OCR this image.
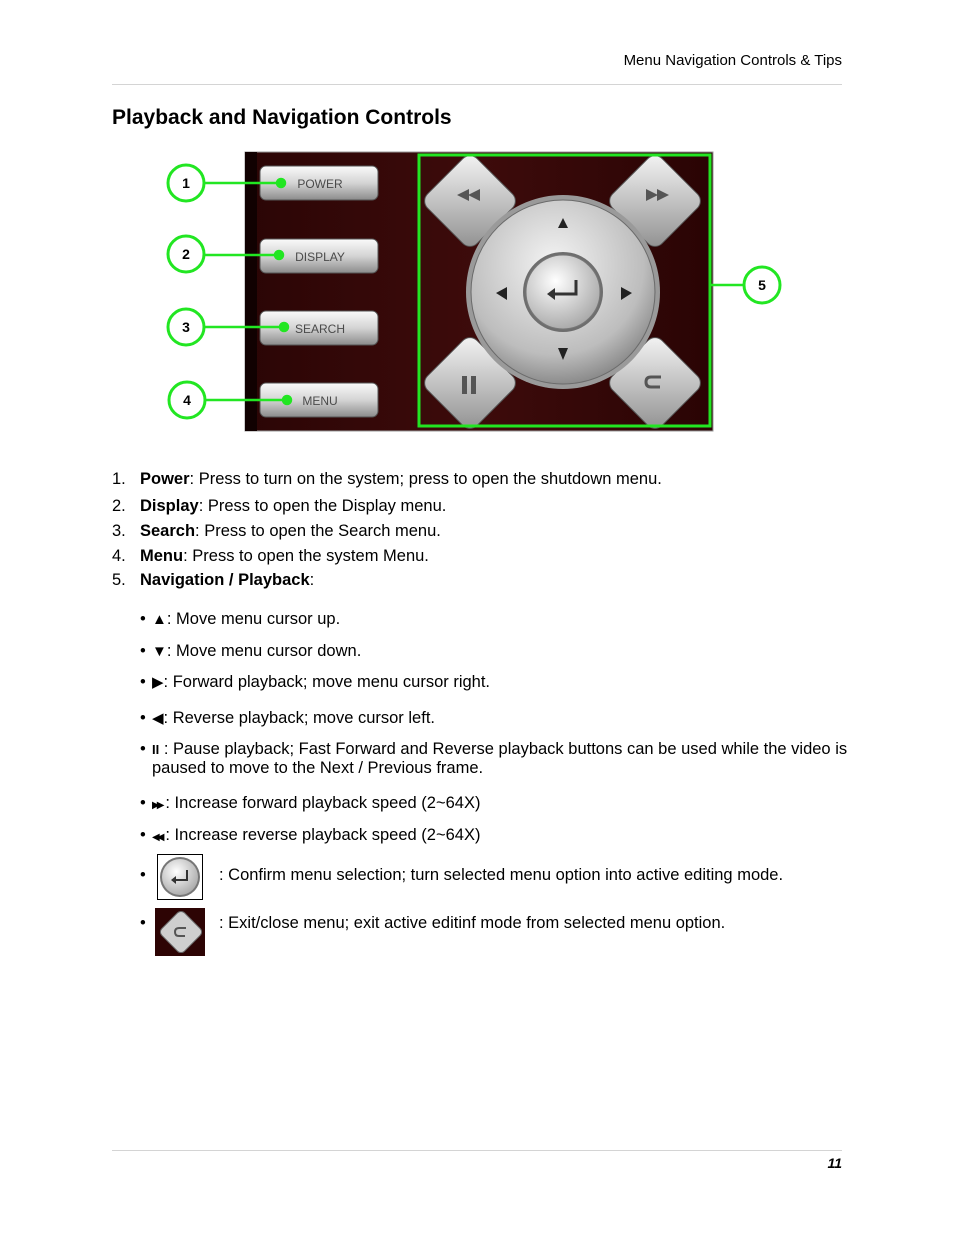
Menu Navigation Controls & Tips
Playback and Navigation Controls
POWER
DISPLAY
SEARCH
MENU
1
2
3
4
5
1. Power: Press to turn on the system; press to open the shutdown menu.
2. Display: Press to open the Display menu.
3. Search: Press to open the Search menu.
4. Menu: Press to open the system Menu.
5. Navigation / Playback:
• ▲: Move menu cursor up.
• ▼: Move menu cursor down.
• ▶: Forward playback; move menu cursor right.
• ◀: Reverse playback; move cursor left.
• II : Pause playback; Fast Forward and Reverse playback buttons can be used while the video is paused to move to the Next / Previous frame.
• ▶▶ : Increase forward playback speed (2~64X)
• ◀◀ : Increase reverse playback speed (2~64X)
•	: Confirm menu selection; turn selected menu option into active editing mode.
•	: Exit/close menu; exit active editinf mode from selected menu option.
11
